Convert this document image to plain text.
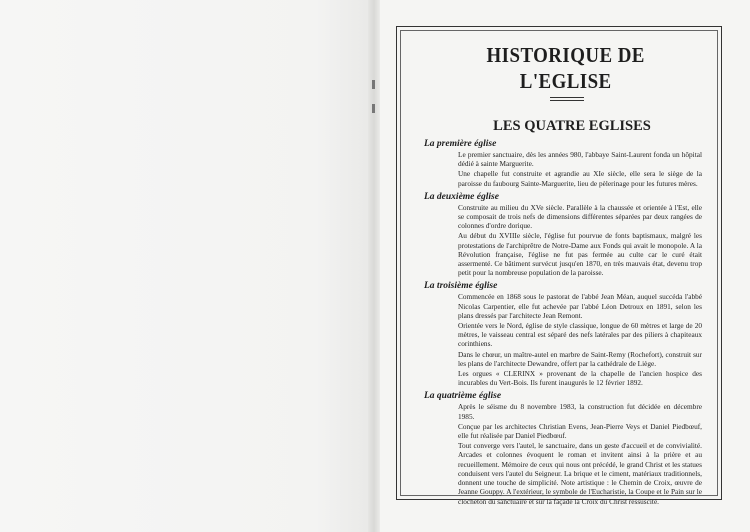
HISTORIQUE DE L'EGLISE
LES QUATRE EGLISES
La première église

Le premier sanctuaire, dès les années 980, l'abbaye Saint-Laurent fonda un hôpital dédié à sainte Marguerite.

Une chapelle fut construite et agrandie au XIe siècle, elle sera le siège de la paroisse du faubourg Sainte-Marguerite, lieu de pèlerinage pour les futures mères.

La deuxième église

Construite au milieu du XVe siècle. Parallèle à la chaussée et orientée à l'Est, elle se composait de trois nefs de dimensions différentes séparées par deux rangées de colonnes d'ordre dorique.

Au début du XVIIIe siècle, l'église fut pourvue de fonts baptismaux, malgré les protestations de l'archiprêtre de Notre-Dame aux Fonds qui avait le monopole. A la Révolution française, l'église ne fut pas fermée au culte car le curé était assermenté. Ce bâtiment survécut jusqu'en 1870, en très mauvais état, devenu trop petit pour la nombreuse population de la paroisse.

La troisième église

Commencée en 1868 sous le pastorat de l'abbé Jean Méan, auquel succéda l'abbé Nicolas Carpentier, elle fut achevée par l'abbé Léon Detroux en 1891, selon les plans dressés par l'architecte Jean Remont.

Orientée vers le Nord, église de style classique, longue de 60 mètres et large de 20 mètres, le vaisseau central est séparé des nefs latérales par des piliers à chapiteaux corinthiens.

Dans le chœur, un maître-autel en marbre de Saint-Remy (Rochefort), construit sur les plans de l'architecte Dewandre, offert par la cathédrale de Liège.

Les orgues « CLERINX » provenant de la chapelle de l'ancien hospice des incurables du Vert-Bois. Ils furent inaugurés le 12 février 1892.

La quatrième église

Après le séisme du 8 novembre 1983, la construction fut décidée en décembre 1985.

Conçue par les architectes Christian Evens, Jean-Pierre Veys et Daniel Piedbœuf, elle fut réalisée par Daniel Piedbœuf.

Tout converge vers l'autel, le sanctuaire, dans un geste d'accueil et de convivialité. Arcades et colonnes évoquent le roman et invitent ainsi à la prière et au recueillement. Mémoire de ceux qui nous ont précédé, le grand Christ et les statues conduisent vers l'autel du Seigneur. La brique et le ciment, matériaux traditionnels, donnent une touche de simplicité. Note artistique : le Chemin de Croix, œuvre de Jeanne Gouppy. A l'extérieur, le symbole de l'Eucharistie, la Coupe et le Pain sur le clocheton du sanctuaire et sur la façade la Croix du Christ ressuscité.
